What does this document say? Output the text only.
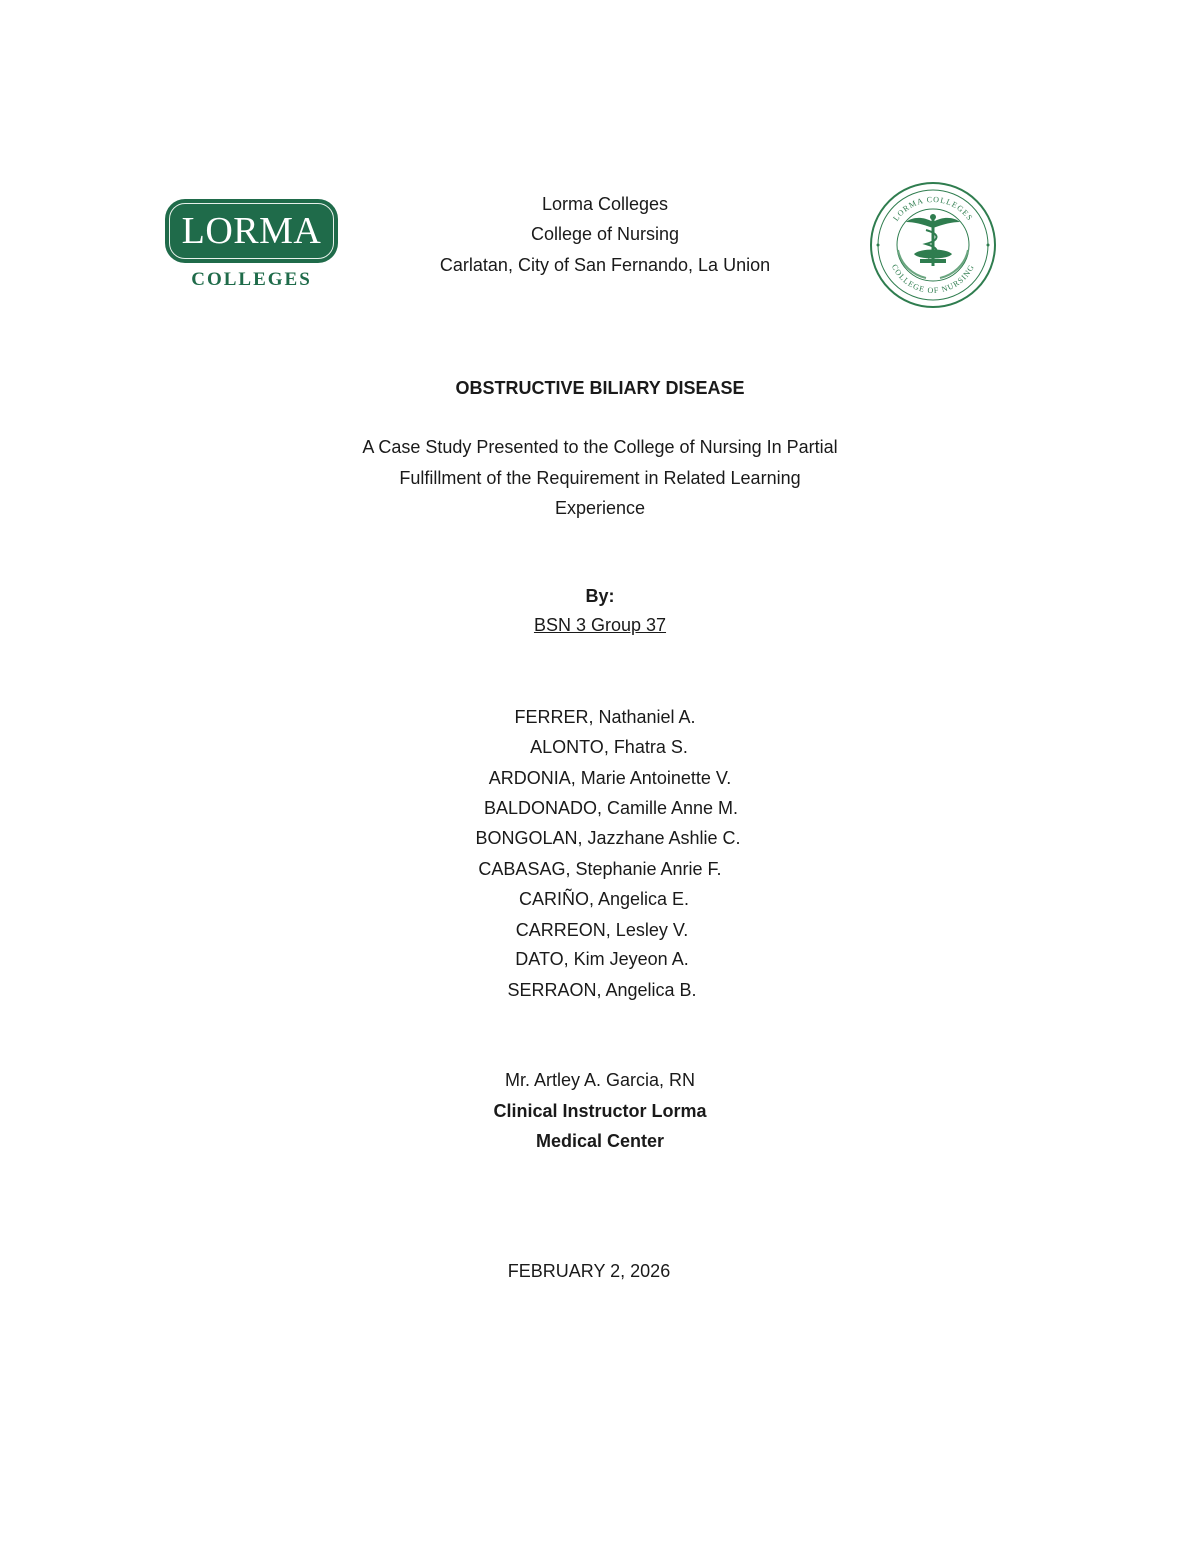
LORMA
COLLEGES
Lorma Colleges
College of Nursing
Carlatan, City of San Fernando, La Union
LORMA COLLEGES
COLLEGE OF NURSING
OBSTRUCTIVE BILIARY DISEASE
A Case Study Presented to the College of Nursing In Partial
Fulfillment of the Requirement in Related Learning
Experience
By:
BSN 3 Group 37
FERRER, Nathaniel A.
ALONTO, Fhatra S.
ARDONIA, Marie Antoinette V.
BALDONADO, Camille Anne M.
BONGOLAN, Jazzhane Ashlie C.
CABASAG, Stephanie Anrie F.
CARIÑO, Angelica E.
CARREON, Lesley V.
DATO, Kim Jeyeon A.
SERRAON, Angelica B.
Mr. Artley A. Garcia, RN
Clinical Instructor Lorma
Medical Center
FEBRUARY 2, 2026
